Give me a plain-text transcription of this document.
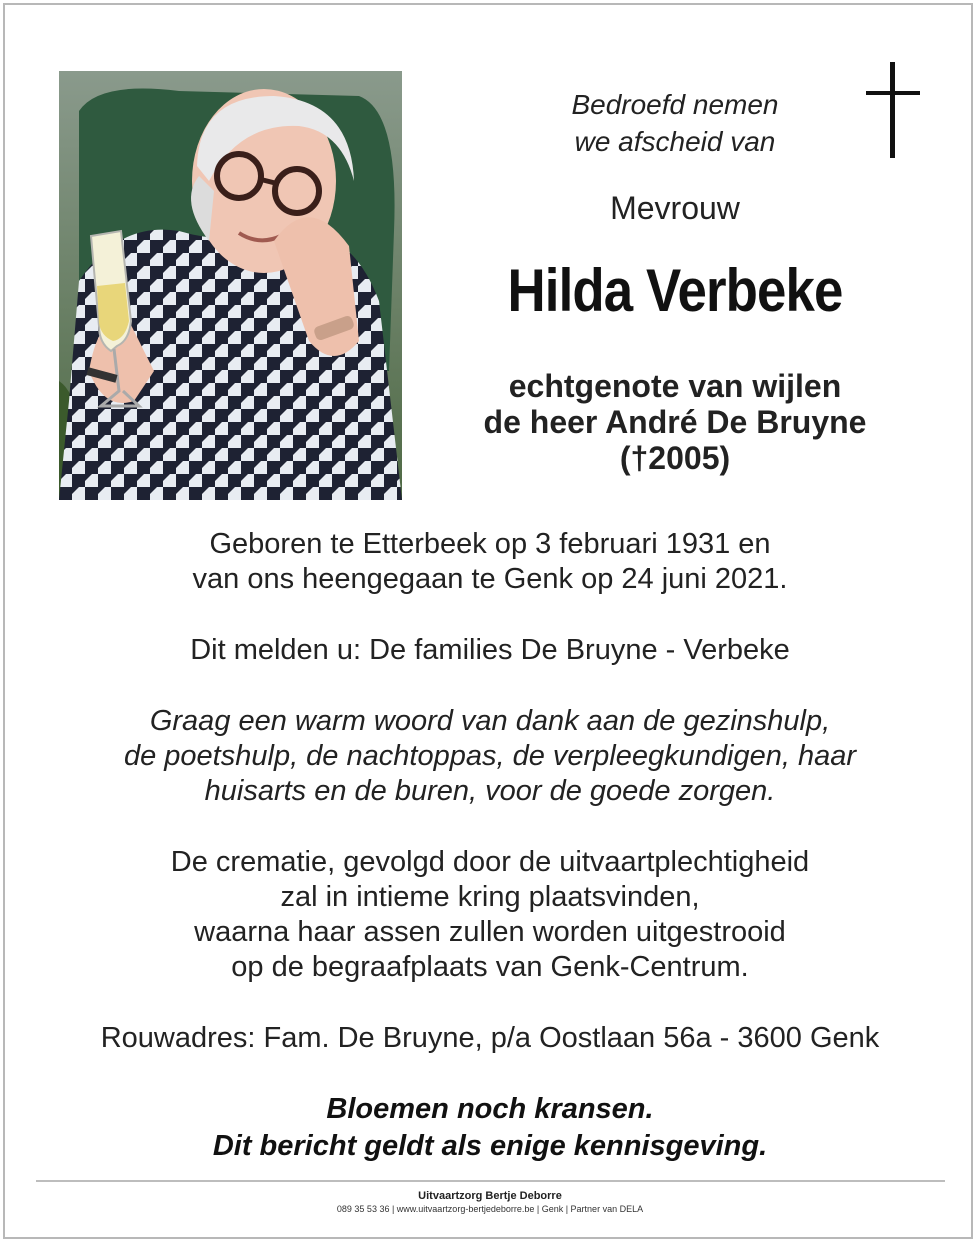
Bedroefd nemen
we afscheid van
Mevrouw
Hilda Verbeke
echtgenote van wijlen
de heer André De Bruyne
(†2005)
Geboren te Etterbeek op 3 februari 1931 en
van ons heengegaan te Genk op 24 juni 2021.
Dit melden u: De families De Bruyne - Verbeke
Graag een warm woord van dank aan de gezinshulp,
de poetshulp, de nachtoppas, de verpleegkundigen, haar
huisarts en de buren, voor de goede zorgen.
De crematie, gevolgd door de uitvaartplechtigheid
zal in intieme kring plaatsvinden,
waarna haar assen zullen worden uitgestrooid
op de begraafplaats van Genk-Centrum.
Rouwadres: Fam. De Bruyne, p/a Oostlaan 56a - 3600 Genk
Bloemen noch kransen.
Dit bericht geldt als enige kennisgeving.
Uitvaartzorg Bertje Deborre
089 35 53 36 | www.uitvaartzorg-bertjedeborre.be | Genk | Partner van DELA
